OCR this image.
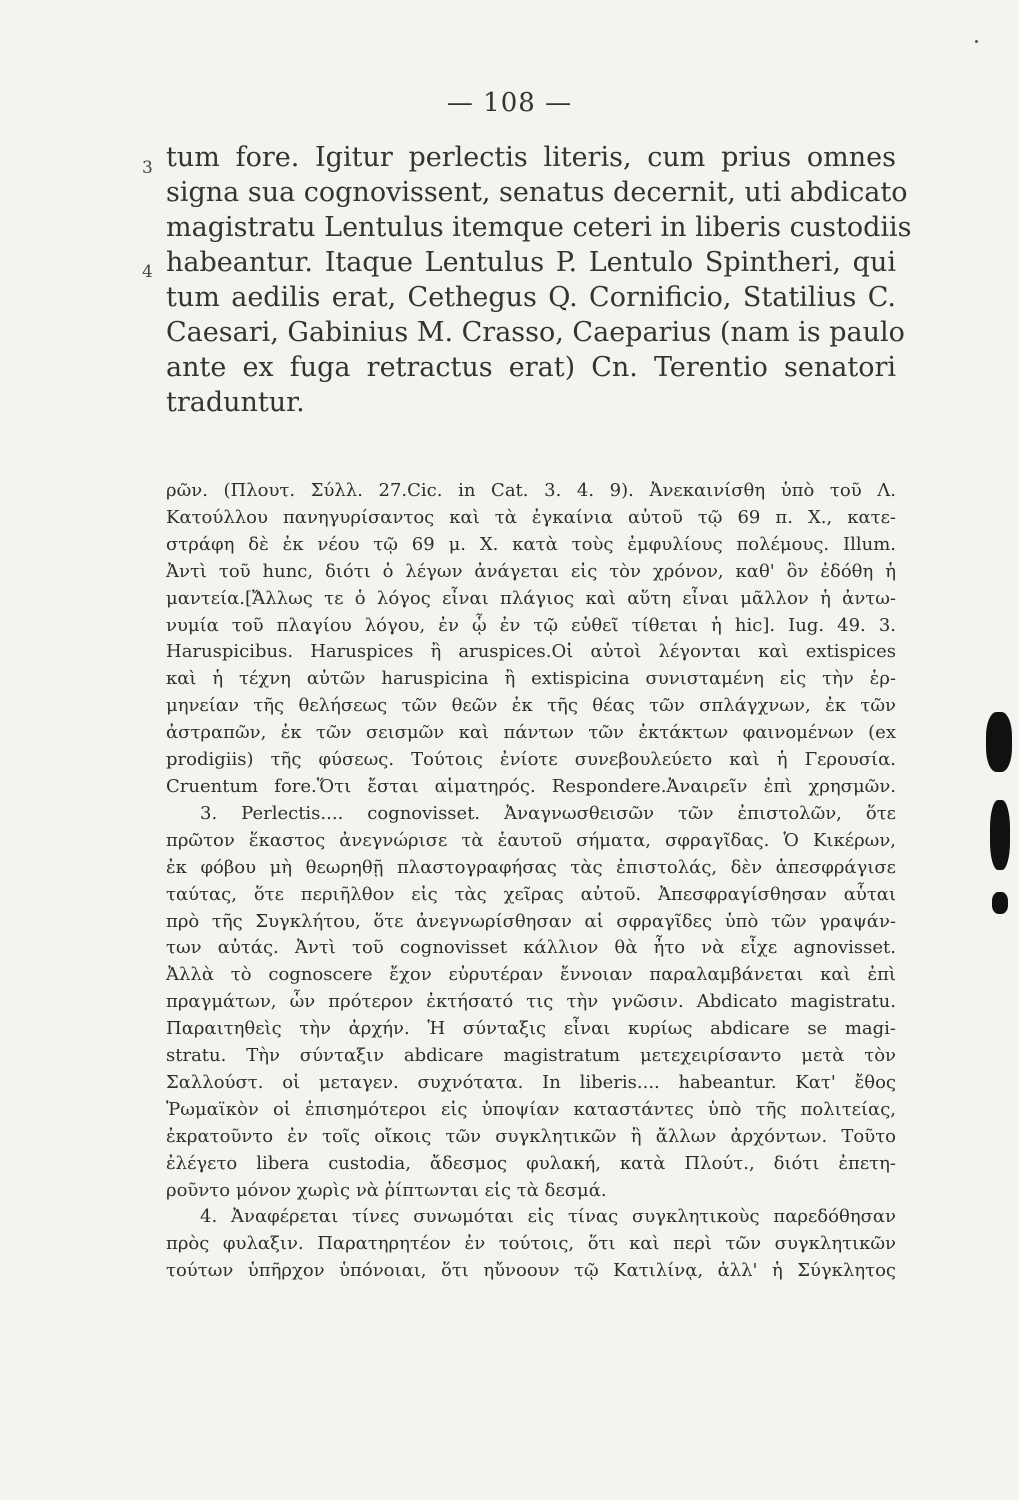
— 108 —
3
4
tum fore. Igitur perlectis literis, cum prius omnes
signa sua cognovissent, senatus decernit, uti abdicato
magistratu Lentulus itemque ceteri in liberis custodiis
habeantur. Itaque Lentulus P. Lentulo Spintheri, qui
tum aedilis erat, Cethegus Q. Cornificio, Statilius C.
Caesari, Gabinius M. Crasso, Caeparius (nam is paulo
ante ex fuga retractus erat) Cn. Terentio senatori
traduntur.
ρῶν. (Πλουτ. Σύλλ. 27.Cic. in Cat. 3. 4. 9). Ἀνεκαινίσθη ὑπὸ τοῦ Λ.
Κατούλλου πανηγυρίσαντος καὶ τὰ ἐγκαίνια αὐτοῦ τῷ 69 π. Χ., κατε-
στράφη δὲ ἐκ νέου τῷ 69 μ. Χ. κατὰ τοὺς ἐμφυλίους πολέμους. Illum.
Ἀντὶ τοῦ hunc, διότι ὁ λέγων ἀνάγεται εἰς τὸν χρόνον, καθ' ὃν ἐδόθη ἡ
μαντεία.[Ἄλλως τε ὁ λόγος εἶναι πλάγιος καὶ αὕτη εἶναι μᾶλλον ἡ ἀντω-
νυμία τοῦ πλαγίου λόγου, ἐν ᾧ ἐν τῷ εὐθεῖ τίθεται ἡ hic]. Iug. 49. 3.
Haruspicibus. Haruspices ἢ aruspices.Οἱ αὐτοὶ λέγονται καὶ extispices
καὶ ἡ τέχνη αὐτῶν haruspicina ἢ extispicina συνισταμένη εἰς τὴν ἑρ-
μηνείαν τῆς θελήσεως τῶν θεῶν ἐκ τῆς θέας τῶν σπλάγχνων, ἐκ τῶν
ἀστραπῶν, ἐκ τῶν σεισμῶν καὶ πάντων τῶν ἐκτάκτων φαινομένων (ex
prodigiis) τῆς φύσεως. Τούτοις ἐνίοτε συνεβουλεύετο καὶ ἡ Γερουσία.
Cruentum fore.Ὅτι ἔσται αἱματηρός. Respondere.Ἀναιρεῖν ἐπὶ χρησμῶν.
3. Perlectis.... cognovisset. Ἀναγνωσθεισῶν τῶν ἐπιστολῶν, ὅτε
πρῶτον ἕκαστος ἀνεγνώρισε τὰ ἑαυτοῦ σήματα, σφραγῖδας. Ὁ Κικέρων,
ἐκ φόβου μὴ θεωρηθῇ πλαστογραφήσας τὰς ἐπιστολάς, δὲν ἀπεσφράγισε
ταύτας, ὅτε περιῆλθον εἰς τὰς χεῖρας αὐτοῦ. Ἀπεσφραγίσθησαν αὗται
πρὸ τῆς Συγκλήτου, ὅτε ἀνεγνωρίσθησαν αἱ σφραγῖδες ὑπὸ τῶν γραψάν-
των αὐτάς. Ἀντὶ τοῦ cognovisset κάλλιον θὰ ἦτο νὰ εἶχε agnovisset.
Ἀλλὰ τὸ cognoscere ἔχον εὐρυτέραν ἔννοιαν παραλαμβάνεται καὶ ἐπὶ
πραγμάτων, ὧν πρότερον ἐκτήσατό τις τὴν γνῶσιν. Abdicato magistratu.
Παραιτηθεὶς τὴν ἀρχήν. Ἡ σύνταξις εἶναι κυρίως abdicare se magi-
stratu. Τὴν σύνταξιν abdicare magistratum μετεχειρίσαντο μετὰ τὸν
Σαλλούστ. οἱ μεταγεν. συχνότατα. In liberis.... habeantur. Κατ' ἔθος
Ῥωμαϊκὸν οἱ ἐπισημότεροι εἰς ὑποψίαν καταστάντες ὑπὸ τῆς πολιτείας,
ἐκρατοῦντο ἐν τοῖς οἴκοις τῶν συγκλητικῶν ἢ ἄλλων ἀρχόντων. Τοῦτο
ἐλέγετο libera custodia, ἄδεσμος φυλακή, κατὰ Πλούτ., διότι ἐπετη-
ροῦντο μόνον χωρὶς νὰ ῥίπτωνται εἰς τὰ δεσμά.
4. Ἀναφέρεται τίνες συνωμόται εἰς τίνας συγκλητικοὺς παρεδόθησαν
πρὸς φυλαξιν. Παρατηρητέον ἐν τούτοις, ὅτι καὶ περὶ τῶν συγκλητικῶν
τούτων ὑπῆρχον ὑπόνοιαι, ὅτι ηὔνοουν τῷ Κατιλίνᾳ, ἀλλ' ἡ Σύγκλητος
